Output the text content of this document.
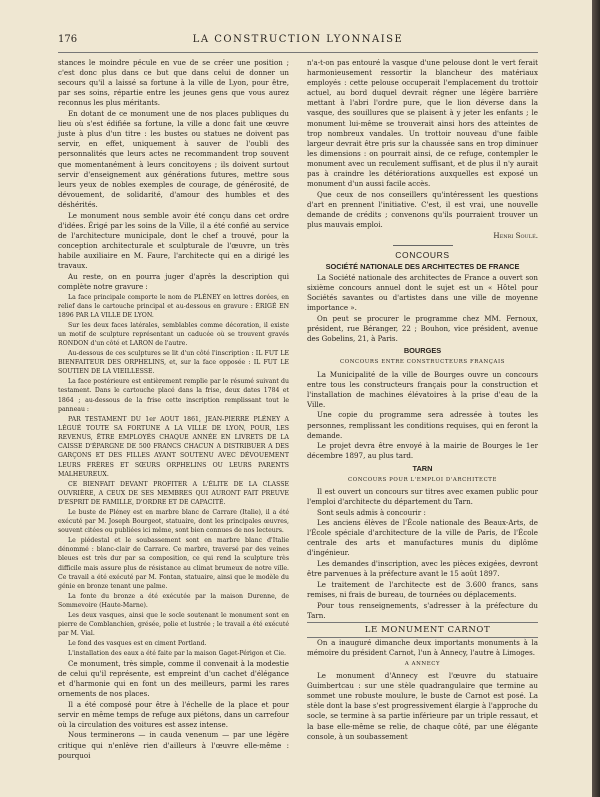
176	LA CONSTRUCTION LYONNAISE

stances le moindre pécule en vue de se créer une position ; c'est donc plus dans ce but que dans celui de donner un secours qu'il a laissé sa fortune à la ville de Lyon, pour être, par ses soins, répartie entre les jeunes gens que vous aurez reconnus les plus méritants.

En dotant de ce monument une de nos places publiques du lieu où s'est édifiée sa fortune, la ville a donc fait une œuvre juste à plus d'un titre : les bustes ou statues ne doivent pas servir, en effet, uniquement à sauver de l'oubli des personnalités que leurs actes ne recommandent trop souvent que momentanément à leurs concitoyens ; ils doivent surtout servir d'enseignement aux générations futures, mettre sous leurs yeux de nobles exemples de courage, de générosité, de dévouement, de solidarité, d'amour des humbles et des déshérités.

Le monument nous semble avoir été conçu dans cet ordre d'idées. Érigé par les soins de la Ville, il a été confié au service de l'architecture municipale, dont le chef a trouvé, pour la conception architecturale et sculpturale de l'œuvre, un très habile auxiliaire en M. Faure, l'architecte qui en a dirigé les travaux.

Au reste, on en pourra juger d'après la description qui complète notre gravure :

La face principale comporte le nom de PLÉNEY en lettres dorées, en relief dans le cartouche principal et au-dessous en gravure : ÉRIGÉ EN 1896 PAR LA VILLE DE LYON.

Sur les deux faces latérales, semblables comme décoration, il existe un motif de sculpture représentant un caducée où se trouvent gravés RONDON d'un côté et LARON de l'autre.

Au-dessous de ces sculptures se lit d'un côté l'inscription : IL FUT LE BIENFAITEUR DES ORPHELINS, et, sur la face opposée : IL FUT LE SOUTIEN DE LA VIEILLESSE.

La face postérieure est entièrement remplie par le résumé suivant du testament. Dans le cartouche placé dans la frise, deux dates 1784 et 1864 ; au-dessous de la frise cette inscription remplissant tout le panneau :

PAR TESTAMENT DU 1er AOUT 1861, JEAN-PIERRE PLÉNEY A LÉGUÉ TOUTE SA FORTUNE A LA VILLE DE LYON, POUR, LES REVENUS, ÊTRE EMPLOYÉS CHAQUE ANNÉE EN LIVRETS DE LA CAISSE D'ÉPARGNE DE 500 FRANCS CHACUN A DISTRIBUER A DES GARÇONS ET DES FILLES AYANT SOUTENU AVEC DÉVOUEMENT LEURS FRÈRES ET SŒURS ORPHELINS OU LEURS PARENTS MALHEUREUX.

CE BIENFAIT DEVANT PROFITER A L'ÉLITE DE LA CLASSE OUVRIÈRE, A CEUX DE SES MEMBRES QUI AURONT FAIT PREUVE D'ESPRIT DE FAMILLE, D'ORDRE ET DE CAPACITÉ.

Le buste de Pléney est en marbre blanc de Carrare (Italie), il a été exécuté par M. Joseph Bourgeot, statuaire, dont les principales œuvres, souvent citées ou publiées ici même, sont bien connues de nos lecteurs.

Le piédestal et le soubassement sont en marbre blanc d'Italie dénommé : blanc-clair de Carrare. Ce marbre, traversé par des veines bleues est très dur par sa composition, ce qui rend la sculpture très difficile mais assure plus de résistance au climat brumeux de notre ville. Ce travail a été exécuté par M. Fontan, statuaire, ainsi que le modèle du génie en bronze tenant une palme.

La fonte du bronze a été exécutée par la maison Durenne, de Sommevoire (Haute-Marne).

Les deux vasques, ainsi que le socle soutenant le monument sont en pierre de Comblanchien, grésée, polie et lustrée ; le travail a été exécuté par M. Vial.

Le fond des vasques est en ciment Portland.

L'installation des eaux a été faite par la maison Gaget-Périgon et Cie.

Ce monument, très simple, comme il convenait à la modestie de celui qu'il représente, est empreint d'un cachet d'élégance et d'harmonie qui en font un des meilleurs, parmi les rares ornements de nos places.

Il a été composé pour être à l'échelle de la place et pour servir en même temps de refuge aux piétons, dans un carrefour où la circulation des voitures est assez intense.

Nous terminerons — in cauda venenum — par une légère critique qui n'enlève rien d'ailleurs à l'œuvre elle-même : pourquoi

n'a-t-on pas entouré la vasque d'une pelouse dont le vert ferait harmonieusement ressortir la blancheur des matériaux employés : cette pelouse occuperait l'emplacement du trottoir actuel, au bord duquel devrait régner une légère barrière mettant à l'abri l'ordre pure, que le lion déverse dans la vasque, des souillures que se plaisent à y jeter les enfants ; le monument lui-même se trouverait ainsi hors des atteintes de trop nombreux vandales. Un trottoir nouveau d'une faible largeur devrait être pris sur la chaussée sans en trop diminuer les dimensions : on pourrait ainsi, de ce refuge, contempler le monument avec un reculement suffisant, et de plus il n'y aurait pas à craindre les détériorations auxquelles est exposé un monument d'un aussi facile accès.

Que ceux de nos conseillers qu'intéressent les questions d'art en prennent l'initiative. C'est, il est vrai, une nouvelle demande de crédits ; convenons qu'ils pourraient trouver un plus mauvais emploi.

Henri Soulé.

CONCOURS

SOCIÉTÉ NATIONALE DES ARCHITECTES DE FRANCE

La Société nationale des architectes de France a ouvert son sixième concours annuel dont le sujet est un « Hôtel pour Sociétés savantes ou d'artistes dans une ville de moyenne importance ».

On peut se procurer le programme chez MM. Fernoux, président, rue Béranger, 22 ; Bouhon, vice président, avenue des Gobelins, 21, à Paris.

BOURGES

CONCOURS ENTRE CONSTRUCTEURS FRANÇAIS

La Municipalité de la ville de Bourges ouvre un concours entre tous les constructeurs français pour la construction et l'installation de machines élévatoires à la prise d'eau de la Ville.

Une copie du programme sera adressée à toutes les personnes, remplissant les conditions requises, qui en feront la demande.

Le projet devra être envoyé à la mairie de Bourges le 1er décembre 1897, au plus tard.

TARN

CONCOURS POUR L'EMPLOI D'ARCHITECTE

Il est ouvert un concours sur titres avec examen public pour l'emploi d'architecte du département du Tarn.

Sont seuls admis à concourir :

Les anciens élèves de l'École nationale des Beaux-Arts, de l'École spéciale d'architecture de la ville de Paris, de l'École centrale des arts et manufactures munis du diplôme d'ingénieur.

Les demandes d'inscription, avec les pièces exigées, devront être parvenues à la préfecture avant le 15 août 1897.

Le traitement de l'architecte est de 3.600 francs, sans remises, ni frais de bureau, de tournées ou déplacements.

Pour tous renseignements, s'adresser à la préfecture du Tarn.

LE MONUMENT CARNOT

On a inauguré dimanche deux importants monuments à la mémoire du président Carnot, l'un à Annecy, l'autre à Limoges.

A ANNECY

Le monument d'Annecy est l'œuvre du statuaire Guimbertcau : sur une stèle quadrangulaire que termine au sommet une robuste moulure, le buste de Carnot est posé. La stèle dont la base s'est progressivement élargie à l'approche du socle, se termine à sa partie inférieure par un triple ressaut, et la base elle-même se relie, de chaque côté, par une élégante console, à un soubassement
